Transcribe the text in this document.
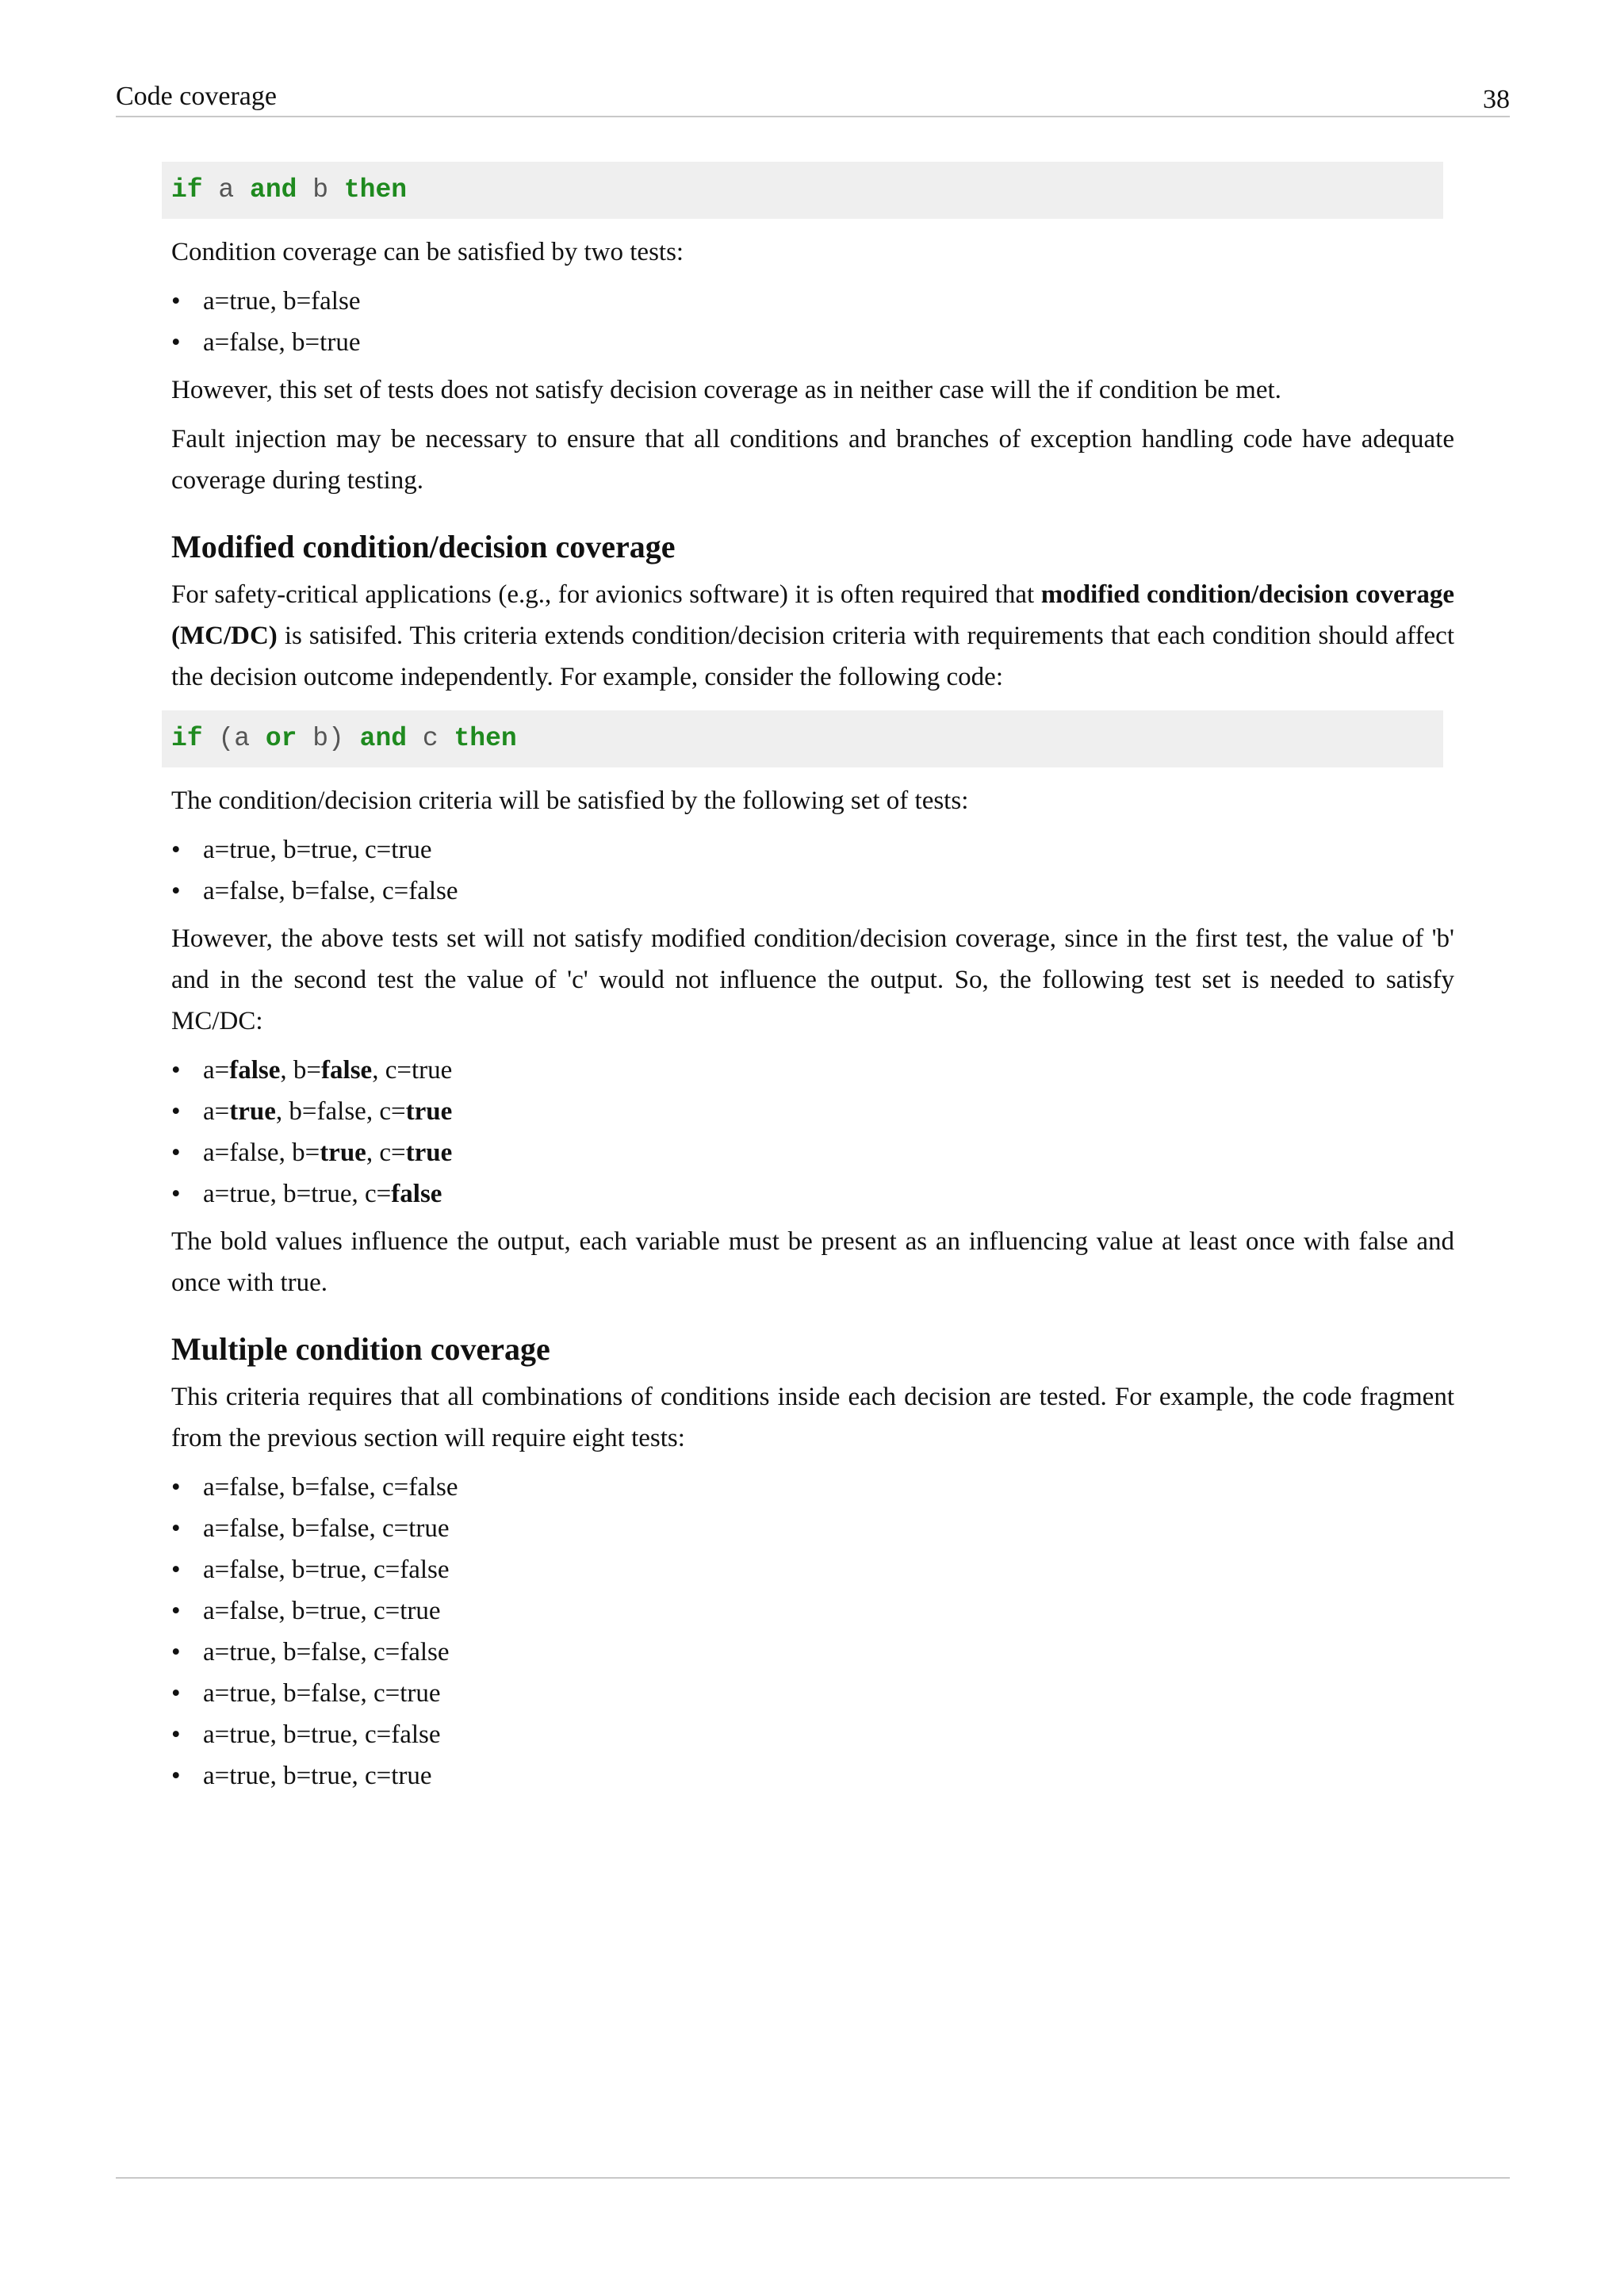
Code coverage	38
if a and b then

Condition coverage can be satisfied by two tests:

• a=true, b=false
• a=false, b=true

However, this set of tests does not satisfy decision coverage as in neither case will the if condition be met.

Fault injection may be necessary to ensure that all conditions and branches of exception handling code have adequate coverage during testing.

Modified condition/decision coverage

For safety-critical applications (e.g., for avionics software) it is often required that modified condition/decision coverage (MC/DC) is satisifed. This criteria extends condition/decision criteria with requirements that each condition should affect the decision outcome independently. For example, consider the following code:

if (a or b) and c then

The condition/decision criteria will be satisfied by the following set of tests:

• a=true, b=true, c=true
• a=false, b=false, c=false

However, the above tests set will not satisfy modified condition/decision coverage, since in the first test, the value of 'b' and in the second test the value of 'c' would not influence the output. So, the following test set is needed to satisfy MC/DC:

• a=false, b=false, c=true
• a=true, b=false, c=true
• a=false, b=true, c=true
• a=true, b=true, c=false

The bold values influence the output, each variable must be present as an influencing value at least once with false and once with true.

Multiple condition coverage

This criteria requires that all combinations of conditions inside each decision are tested. For example, the code fragment from the previous section will require eight tests:

• a=false, b=false, c=false
• a=false, b=false, c=true
• a=false, b=true, c=false
• a=false, b=true, c=true
• a=true, b=false, c=false
• a=true, b=false, c=true
• a=true, b=true, c=false
• a=true, b=true, c=true
